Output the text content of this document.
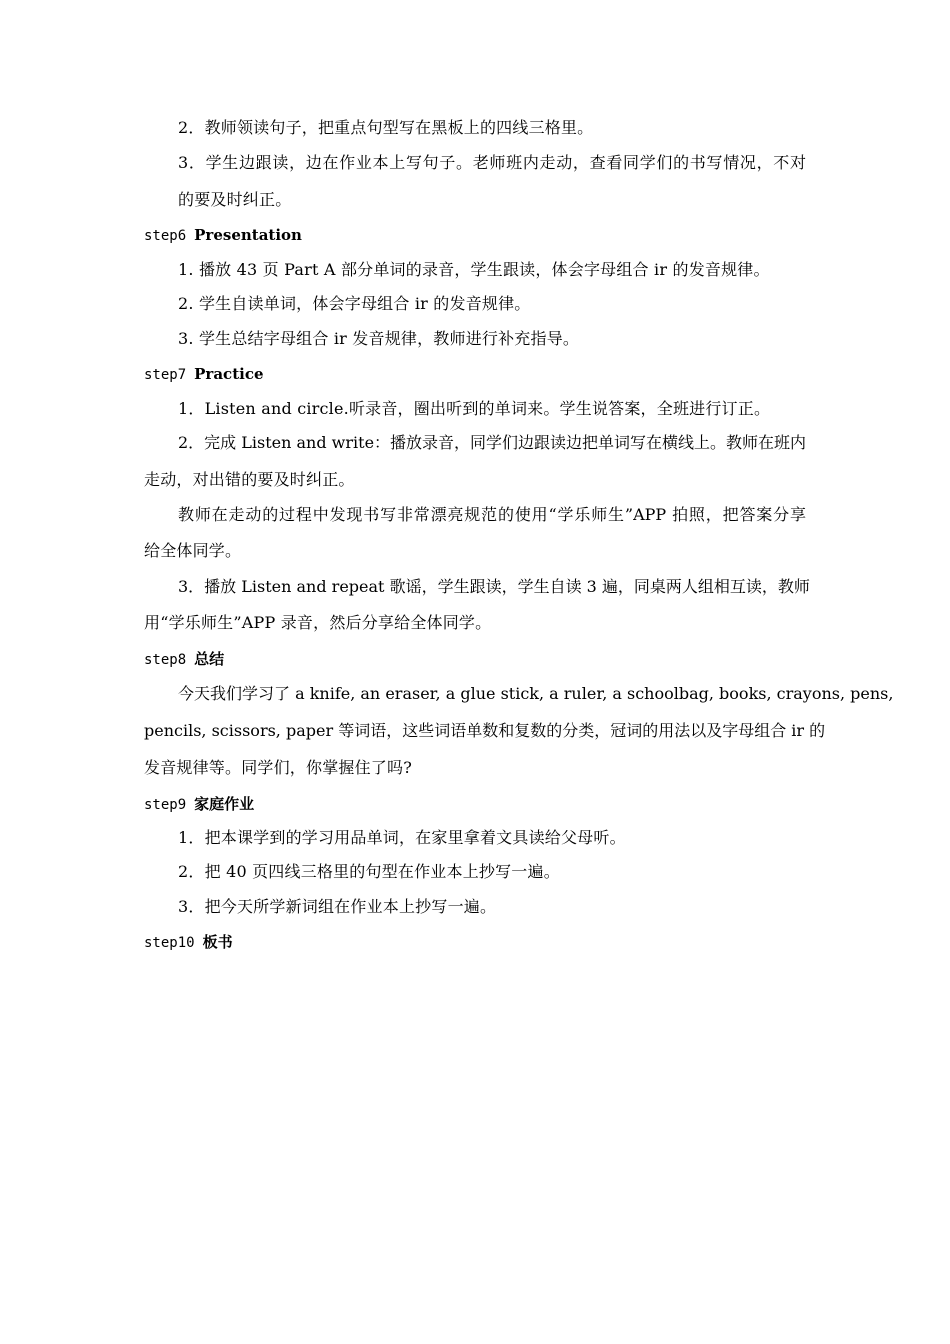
2．教师领读句子，把重点句型写在黑板上的四线三格里。
3．学生边跟读，边在作业本上写句子。老师班内走动，查看同学们的书写情况，不对
的要及时纠正。
step6 Presentation
1. 播放 43 页 Part A 部分单词的录音，学生跟读，体会字母组合 ir 的发音规律。
2. 学生自读单词，体会字母组合 ir 的发音规律。
3. 学生总结字母组合 ir 发音规律，教师进行补充指导。
step7 Practice
1．Listen and circle.听录音，圈出听到的单词来。学生说答案，全班进行订正。
2．完成 Listen and write：播放录音，同学们边跟读边把单词写在横线上。教师在班内
走动，对出错的要及时纠正。
教师在走动的过程中发现书写非常漂亮规范的使用“学乐师生”APP 拍照，把答案分享
给全体同学。
3．播放 Listen and repeat 歌谣，学生跟读，学生自读 3 遍，同桌两人组相互读，教师
用“学乐师生”APP 录音，然后分享给全体同学。
step8 总结
今天我们学习了 a knife, an eraser, a glue stick, a ruler, a schoolbag, books, crayons, pens,
pencils, scissors, paper 等词语，这些词语单数和复数的分类，冠词的用法以及字母组合 ir 的
发音规律等。同学们，你掌握住了吗?
step9 家庭作业
1．把本课学到的学习用品单词，在家里拿着文具读给父母听。
2．把 40 页四线三格里的句型在作业本上抄写一遍。
3．把今天所学新词组在作业本上抄写一遍。
step10 板书
